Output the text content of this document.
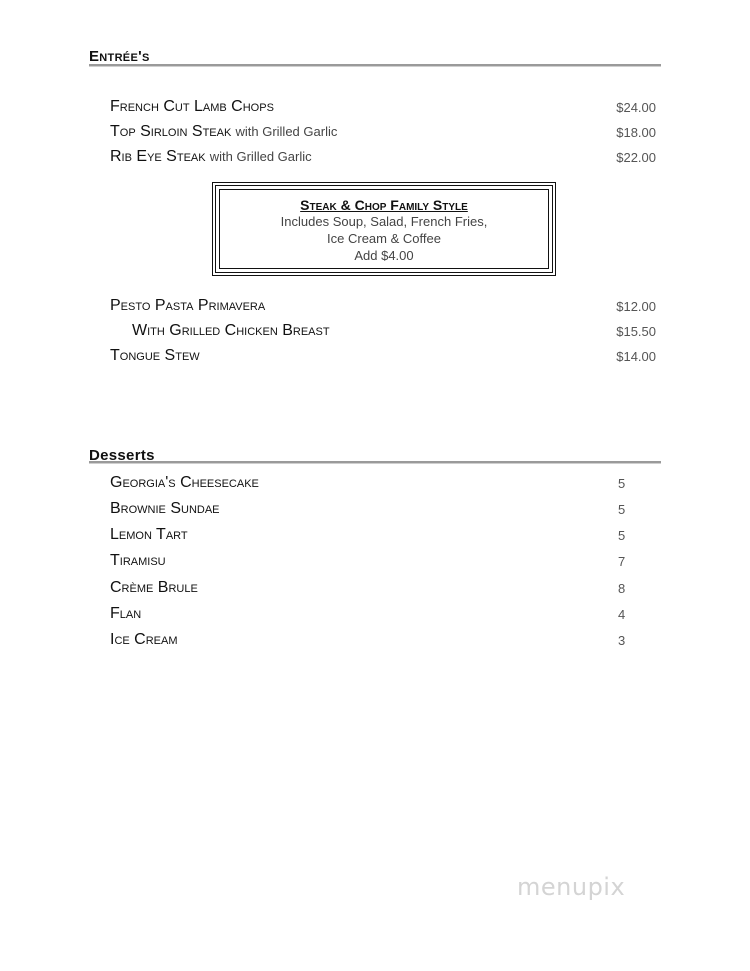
Entrée's
French Cut Lamb Chops	$24.00
Top Sirloin Steak with Grilled Garlic	$18.00
Rib Eye Steak with Grilled Garlic	$22.00
Steak & Chop Family Style
Includes Soup, Salad, French Fries,
Ice Cream & Coffee
Add $4.00
Pesto Pasta Primavera	$12.00
With Grilled Chicken Breast	$15.50
Tongue Stew	$14.00
Desserts
Georgia's Cheesecake	5
Brownie Sundae	5
Lemon Tart	5
Tiramisu	7
Crème Brule	8
Flan	4
Ice Cream	3
menupix
